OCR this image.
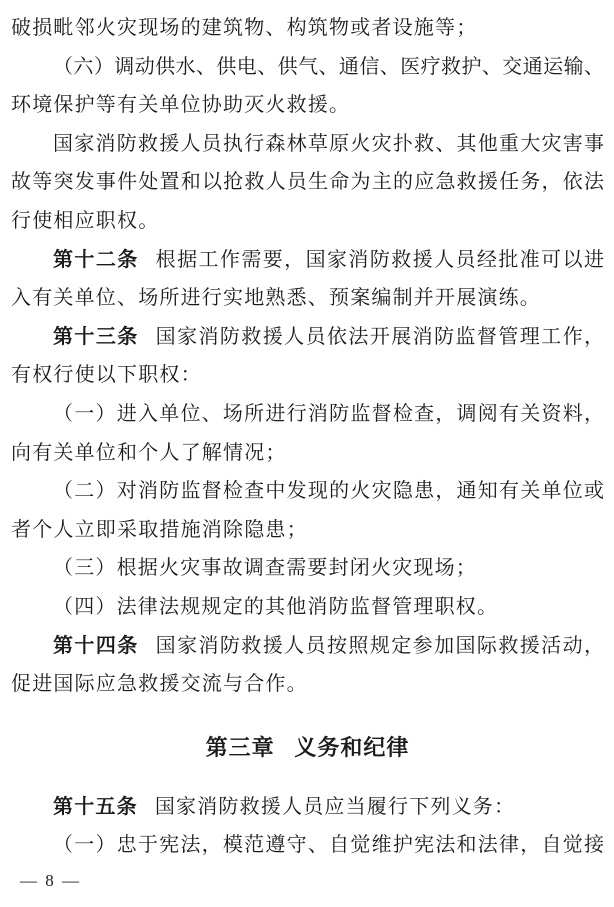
破损毗邻火灾现场的建筑物、构筑物或者设施等；
（六）调动供水、供电、供气、通信、医疗救护、交通运输、
环境保护等有关单位协助灭火救援。
国家消防救援人员执行森林草原火灾扑救、其他重大灾害事
故等突发事件处置和以抢救人员生命为主的应急救援任务，依法
行使相应职权。
第十二条 根据工作需要，国家消防救援人员经批准可以进
入有关单位、场所进行实地熟悉、预案编制并开展演练。
第十三条 国家消防救援人员依法开展消防监督管理工作，
有权行使以下职权：
（一）进入单位、场所进行消防监督检查，调阅有关资料，
向有关单位和个人了解情况；
（二）对消防监督检查中发现的火灾隐患，通知有关单位或
者个人立即采取措施消除隐患；
（三）根据火灾事故调查需要封闭火灾现场；
（四）法律法规规定的其他消防监督管理职权。
第十四条 国家消防救援人员按照规定参加国际救援活动，
促进国际应急救援交流与合作。
第三章 义务和纪律
第十五条 国家消防救援人员应当履行下列义务：
（一）忠于宪法，模范遵守、自觉维护宪法和法律，自觉接
— 8 —
